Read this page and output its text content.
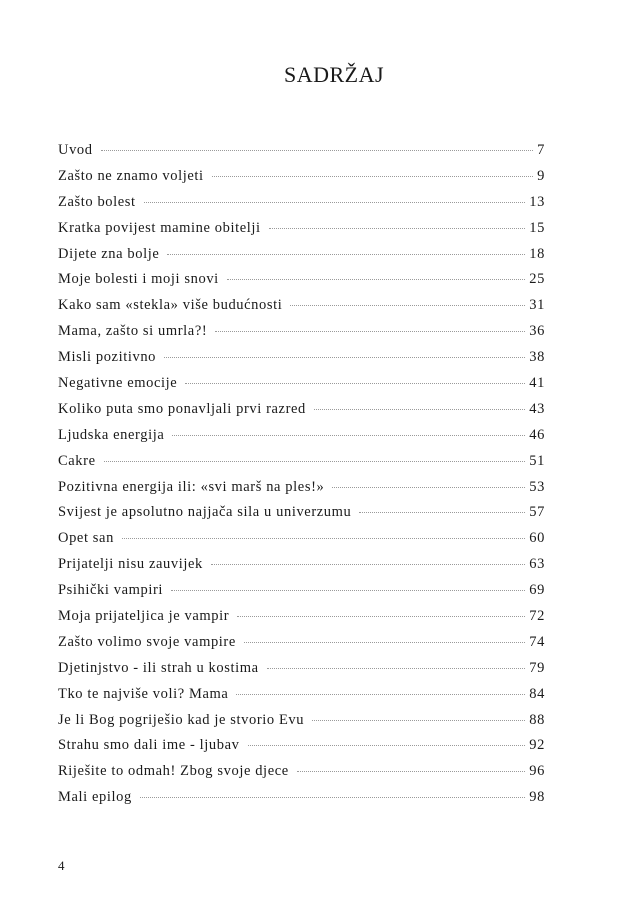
SADRŽAJ
Uvod	7
Zašto ne znamo voljeti	9
Zašto bolest	13
Kratka povijest mamine obitelji	15
Dijete zna bolje	18
Moje bolesti i moji snovi	25
Kako sam «stekla» više budućnosti	31
Mama, zašto si umrla?!	36
Misli pozitivno	38
Negativne emocije	41
Koliko puta smo ponavljali prvi razred	43
Ljudska energija	46
Cakre	51
Pozitivna energija ili: «svi marš na ples!»	53
Svijest je apsolutno najjača sila u univerzumu	57
Opet san	60
Prijatelji nisu zauvijek	63
Psihički vampiri	69
Moja prijateljica je vampir	72
Zašto volimo svoje vampire	74
Djetinjstvo - ili strah u kostima	79
Tko te najviše voli? Mama	84
Je li Bog pogriješio kad je stvorio Evu	88
Strahu smo dali ime - ljubav	92
Riješite to odmah! Zbog svoje djece	96
Mali epilog	98
4
